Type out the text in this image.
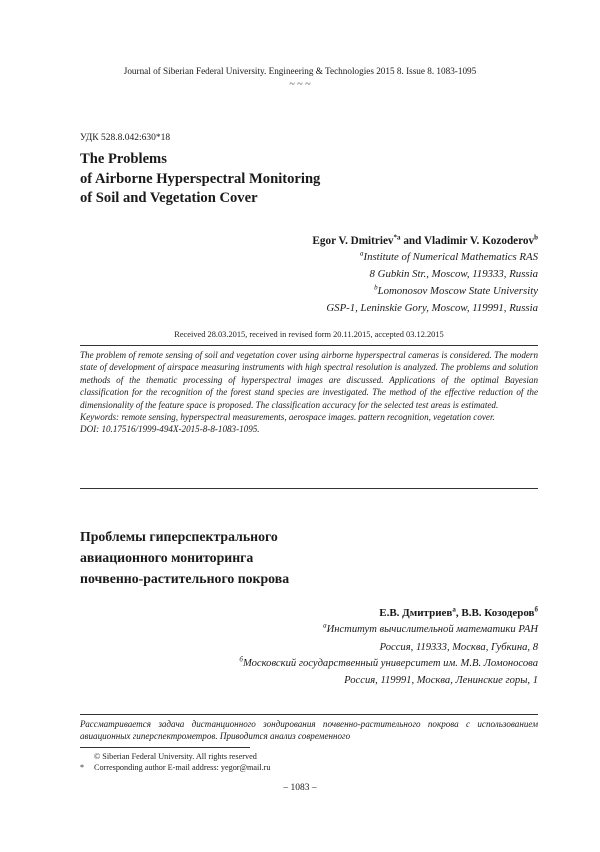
Journal of Siberian Federal University. Engineering & Technologies 2015 8. Issue 8. 1083-1095
~ ~ ~
УДК 528.8.042:630*18
The Problems
of Airborne Hyperspectral Monitoring
of Soil and Vegetation Cover
Egor V. Dmitriev$^{*a}$ and Vladimir V. Kozoderov$^b$
$^a$Institute of Numerical Mathematics RAS
8 Gubkin Str., Moscow, 119333, Russia
$^b$Lomonosov Moscow State University
GSP-1, Leninskie Gory, Moscow, 119991, Russia
Received 28.03.2015, received in revised form 20.11.2015, accepted 03.12.2015

The problem of remote sensing of soil and vegetation cover using airborne hyperspectral cameras is considered. The modern state of development of airspace measuring instruments with high spectral resolution is analyzed. The problems and solution methods of the thematic processing of hyperspectral images are discussed. Applications of the optimal Bayesian classification for the recognition of the forest stand species are investigated. The method of the effective reduction of the dimensionality of the feature space is proposed. The classification accuracy for the selected test areas is estimated.

Keywords: remote sensing, hyperspectral measurements, aerospace images. pattern recognition, vegetation cover.

DOI: 10.17516/1999-494X-2015-8-8-1083-1095.

Проблемы гиперспектрального
авиационного мониторинга
почвенно-растительного покрова
Е.В. Дмитриев$^a$, В.В. Козодеров$^б$
$^a$Институт вычислительной математики РАН
Россия, 119333, Москва, Губкина, 8
$^б$Московский государственный университет им. М.В. Ломоносова
Россия, 119991, Москва, Ленинские горы, 1

Рассматривается задача дистанционного зондирования почвенно-растительного покрова с использованием авиационных гиперспектрометров. Приводится анализ современного

© Siberian Federal University. All rights reserved
* Corresponding author E-mail address: yegor@mail.ru
– 1083 –
